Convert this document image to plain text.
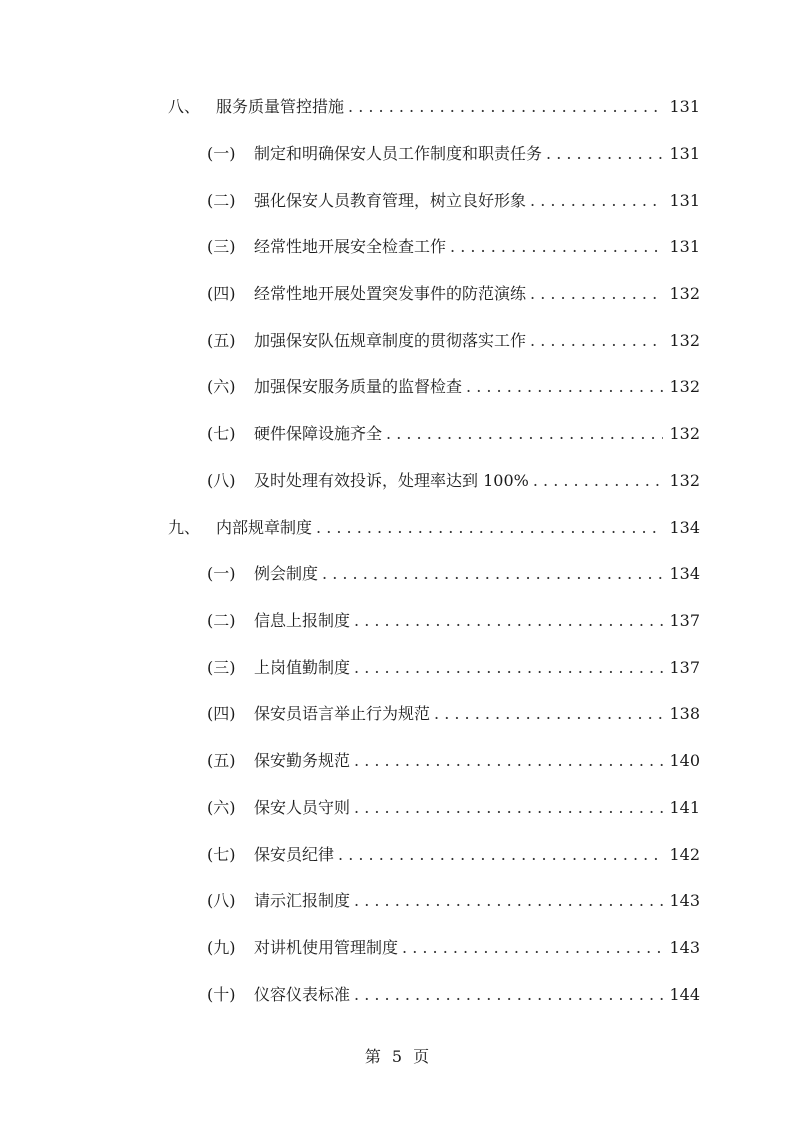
八、 服务质量管控措施 . . .	131
(一)	制定和明确保安人员工作制度和职责任务 . . .	131
(二)	强化保安人员教育管理，树立良好形象 . . .	131
(三)	经常性地开展安全检查工作 . . .	131
(四)	经常性地开展处置突发事件的防范演练 . . .	132
(五)	加强保安队伍规章制度的贯彻落实工作 . . .	132
(六)	加强保安服务质量的监督检查 . . .	132
(七)	硬件保障设施齐全 . . .	132
(八)	及时处理有效投诉，处理率达到 100% . . .	132
九、 内部规章制度 . . .	134
(一)	例会制度 . . .	134
(二)	信息上报制度 . . .	137
(三)	上岗值勤制度 . . .	137
(四)	保安员语言举止行为规范 . . .	138
(五)	保安勤务规范 . . .	140
(六)	保安人员守则 . . .	141
(七)	保安员纪律 . . .	142
(八)	请示汇报制度 . . .	143
(九)	对讲机使用管理制度 . . .	143
(十)	仪容仪表标准 . . .	144
第 5 页
